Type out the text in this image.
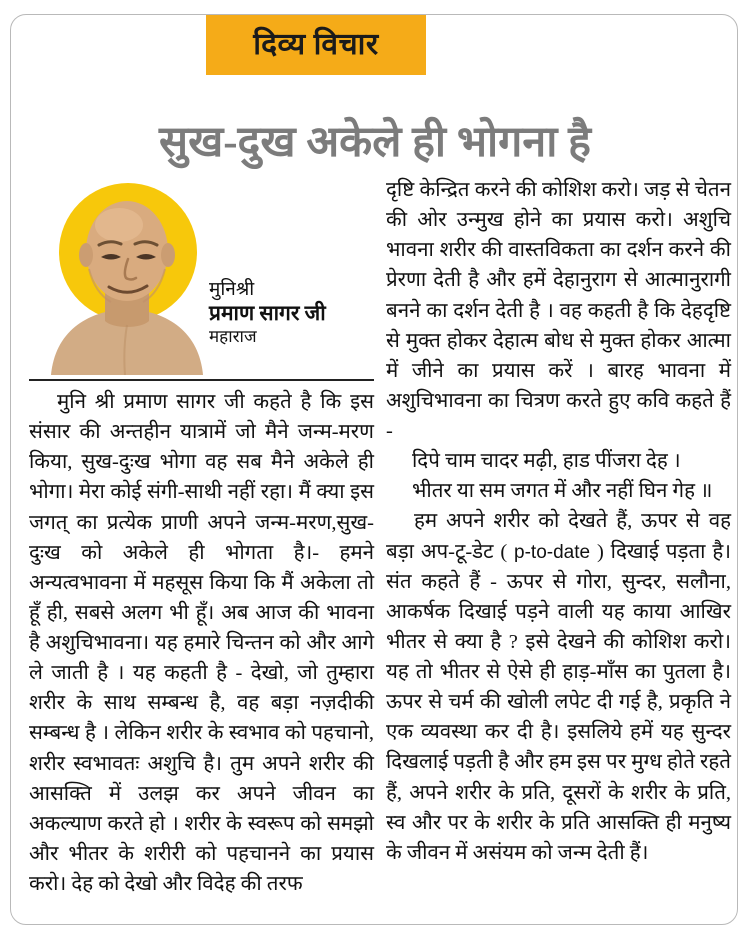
दिव्य विचार
सुख-दुख अकेले ही भोगना है
मुनिश्री
प्रमाण सागर जी
महाराज

मुनि श्री प्रमाण सागर जी कहते है कि इस संसार की अन्तहीन यात्रामें जो मैने जन्म-मरण किया, सुख-दुःख भोगा वह सब मैने अकेले ही भोगा। मेरा कोई संगी-साथी नहीं रहा। मैं क्या इस जगत् का प्रत्येक प्राणी अपने जन्म-मरण,सुख-दुःख को अकेले ही भोगता है।- हमने अन्यत्वभावना में महसूस किया कि मैं अकेला तो हूँ ही, सबसे अलग भी हूँ। अब आज की भावना है अशुचिभावना। यह हमारे चिन्तन को और आगे ले जाती है । यह कहती है - देखो, जो तुम्हारा शरीर के साथ सम्बन्ध है, वह बड़ा नज़दीकी सम्बन्ध है । लेकिन शरीर के स्वभाव को पहचानो, शरीर स्वभावतः अशुचि है। तुम अपने शरीर की आसक्ति में उलझ कर अपने जीवन का अकल्याण करते हो । शरीर के स्वरूप को समझो और भीतर के शरीरी को पहचानने का प्रयास करो। देह को देखो और विदेह की तरफ

दृष्टि केन्द्रित करने की कोशिश करो। जड़ से चेतन की ओर उन्मुख होने का प्रयास करो। अशुचि भावना शरीर की वास्तविकता का दर्शन करने की प्रेरणा देती है और हमें देहानुराग से आत्मानुरागी बनने का दर्शन देती है । वह कहती है कि देहदृष्टि से मुक्त होकर देहात्म बोध से मुक्त होकर आत्मा में जीने का प्रयास करें । बारह भावना में अशुचिभावना का चित्रण करते हुए कवि कहते हैं -

दिपे चाम चादर मढ़ी, हाड पींजरा देह ।

भीतर या सम जगत में और नहीं घिन गेह ॥

हम अपने शरीर को देखते हैं, ऊपर से वह बड़ा अप-टू-डेट ( p-to-date ) दिखाई पड़ता है। संत कहते हैं - ऊपर से गोरा, सुन्दर, सलौना, आकर्षक दिखाई पड़ने वाली यह काया आखिर भीतर से क्या है ? इसे देखने की कोशिश करो। यह तो भीतर से ऐसे ही हाड़-माँस का पुतला है। ऊपर से चर्म की खोली लपेट दी गई है, प्रकृति ने एक व्यवस्था कर दी है। इसलिये हमें यह सुन्दर दिखलाई पड़ती है और हम इस पर मुग्ध होते रहते हैं, अपने शरीर के प्रति, दूसरों के शरीर के प्रति, स्व और पर के शरीर के प्रति आसक्ति ही मनुष्य के जीवन में असंयम को जन्म देती हैं।
